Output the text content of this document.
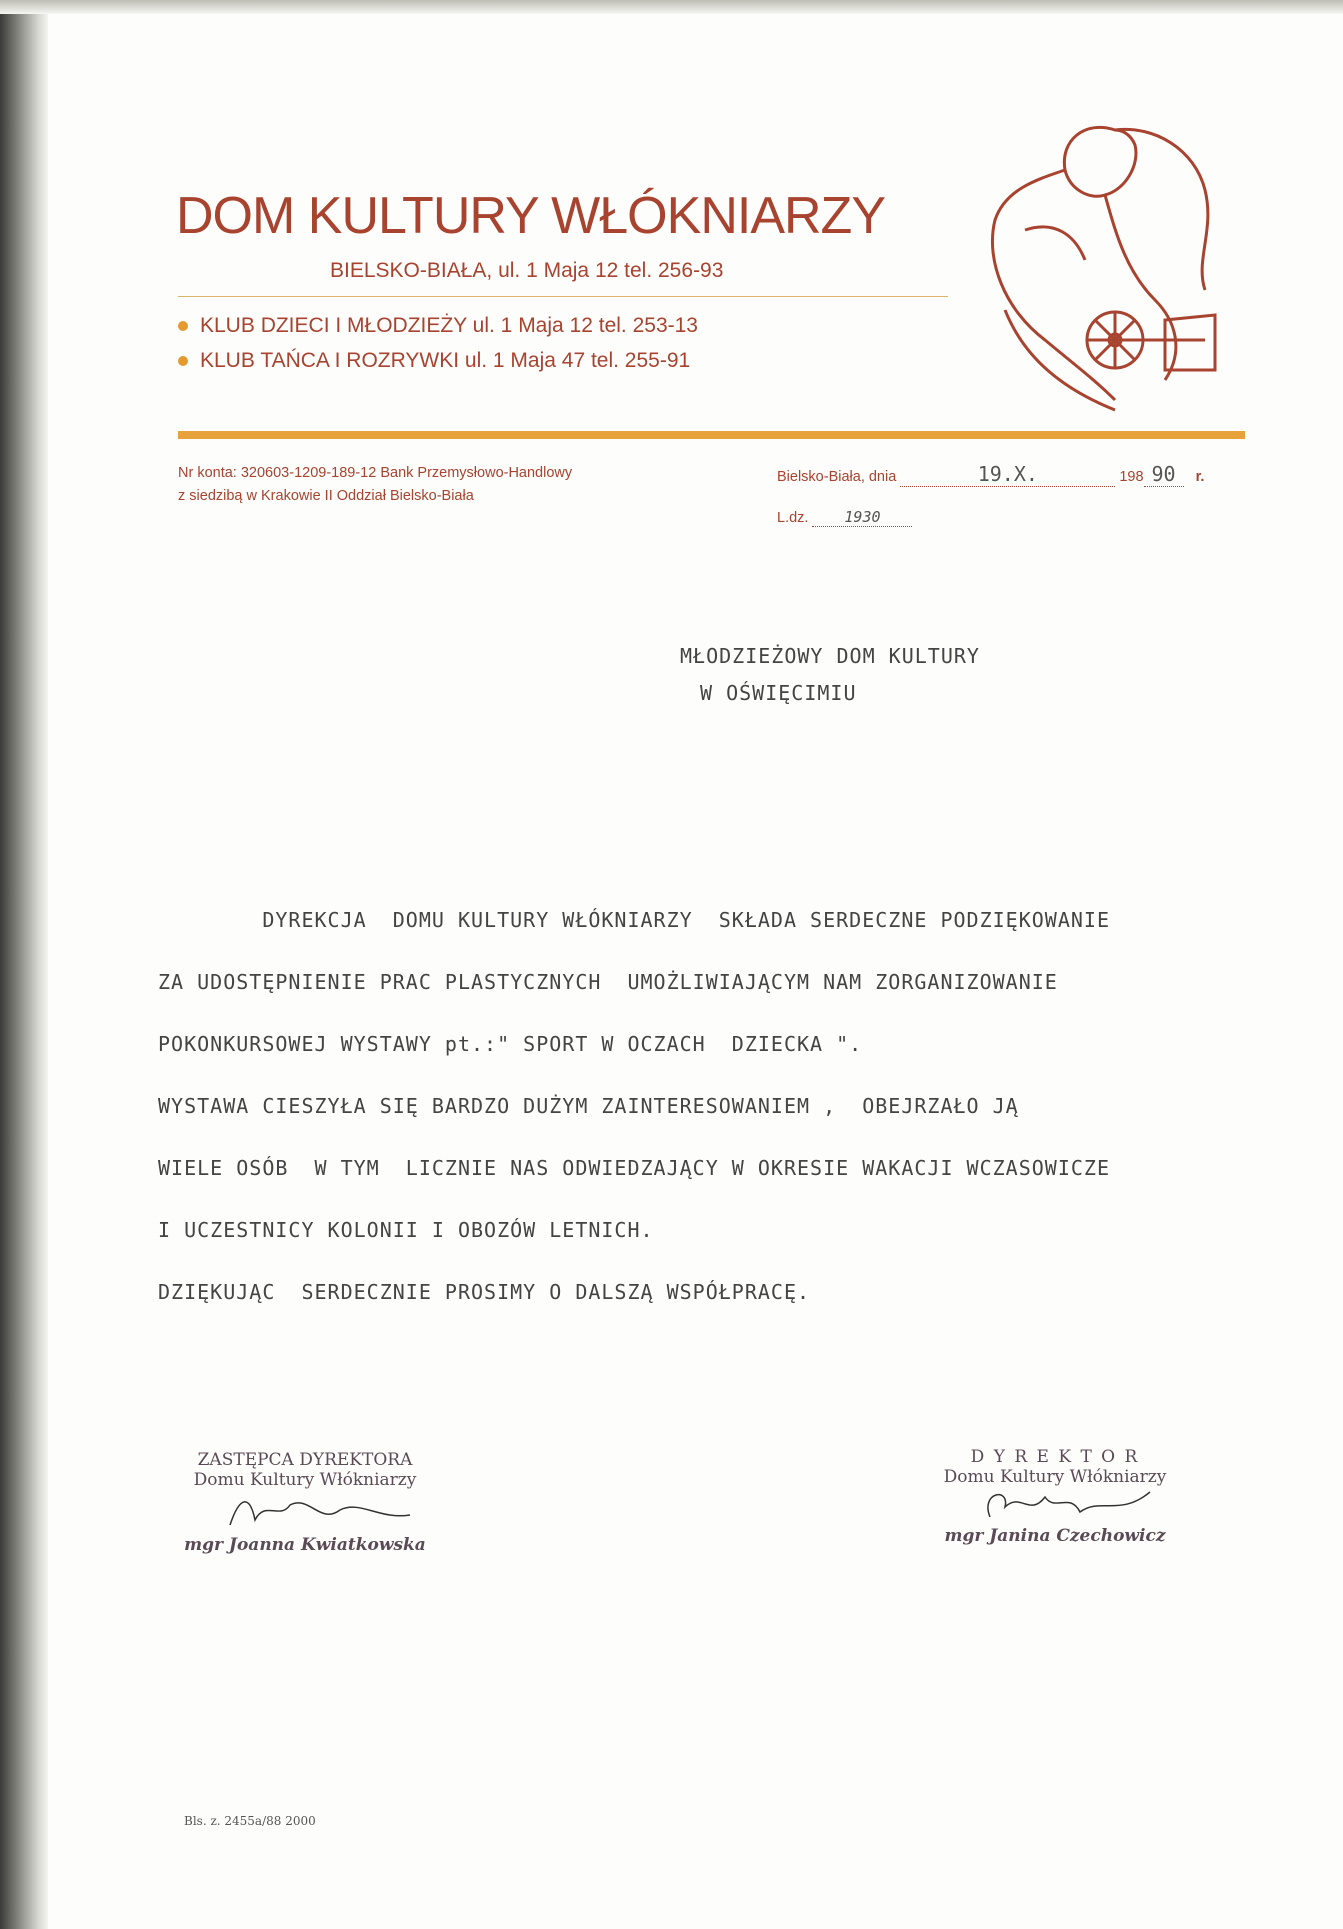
DOM KULTURY WŁÓKNIARZY
BIELSKO-BIAŁA, ul. 1 Maja 12 tel. 256-93
KLUB DZIECI I MŁODZIEŻY ul. 1 Maja 12 tel. 253-13
KLUB TAŃCA I ROZRYWKI ul. 1 Maja 47 tel. 255-91
Nr konta: 320603-1209-189-12 Bank Przemysłowo-Handlowy
z siedzibą w Krakowie II Oddział Bielsko-Biała
Bielsko-Biała, dnia	19.X.	198 90 r.
L.dz. 1930
MŁODZIEŻOWY DOM KULTURY
W OŚWIĘCIMIU
DYREKCJA  DOMU KULTURY WŁÓKNIARZY  SKŁADA SERDECZNE PODZIĘKOWANIE
ZA UDOSTĘPNIENIE PRAC PLASTYCZNYCH  UMOŻLIWIAJĄCYM NAM ZORGANIZOWANIE
POKONKURSOWEJ WYSTAWY pt.:" SPORT W OCZACH  DZIECKA ".
WYSTAWA CIESZYŁA SIĘ BARDZO DUŻYM ZAINTERESOWANIEM ,  OBEJRZAŁO JĄ
WIELE OSÓB  W TYM  LICZNIE NAS ODWIEDZAJĄCY W OKRESIE WAKACJI WCZASOWICZE
I UCZESTNICY KOLONII I OBOZÓW LETNICH.
DZIĘKUJĄC  SERDECZNIE PROSIMY O DALSZĄ WSPÓŁPRACĘ.
ZASTĘPCA DYREKTORA
Domu Kultury Włókniarzy
mgr Joanna Kwiatkowska
D Y R E K T O R
Domu Kultury Włókniarzy
mgr Janina Czechowicz
Bls. z. 2455a/88 2000
